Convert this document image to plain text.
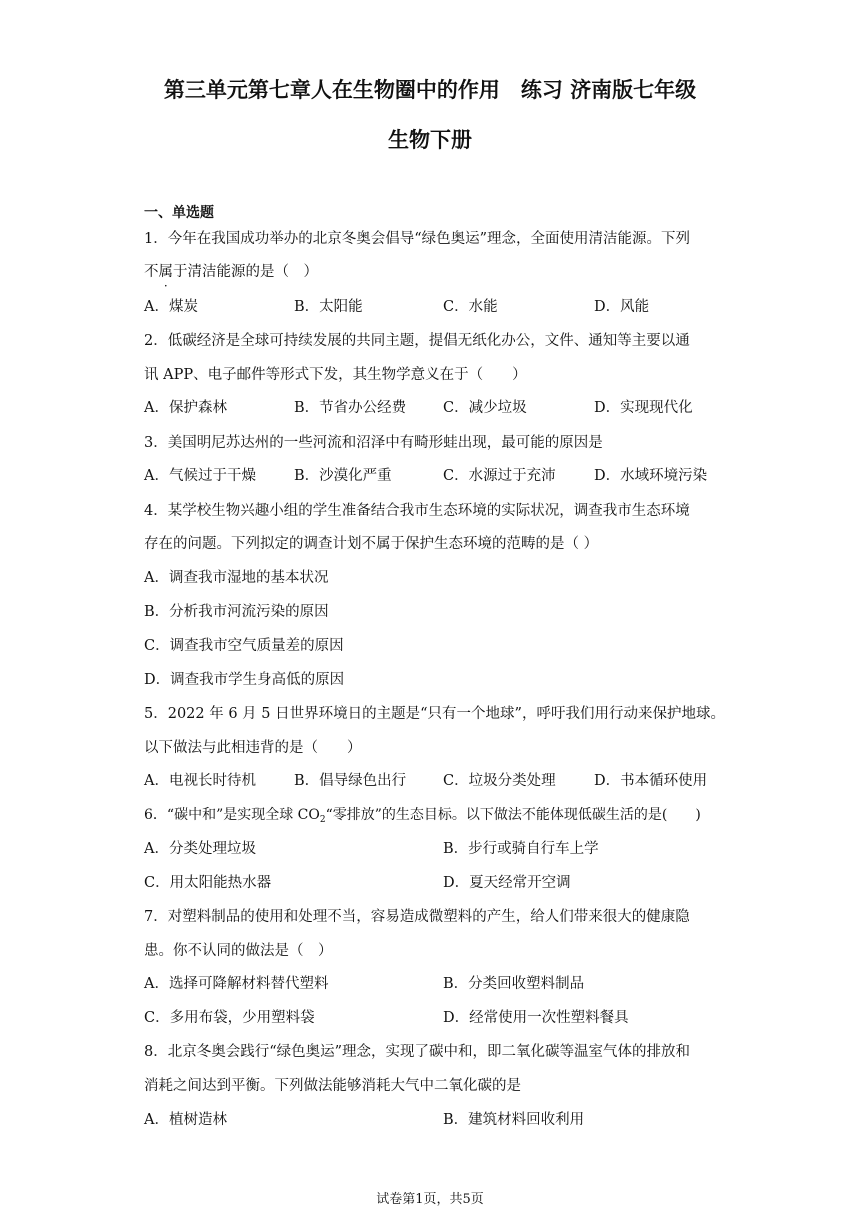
第三单元第七章人在生物圈中的作用　练习 济南版七年级
生物下册
一、单选题
1．今年在我国成功举办的北京冬奥会倡导“绿色奥运”理念，全面使用清洁能源。下列
不属于清洁能源的是（　）
A．煤炭	B．太阳能	C．水能	D．风能
2．低碳经济是全球可持续发展的共同主题，提倡无纸化办公，文件、通知等主要以通
讯 APP、电子邮件等形式下发，其生物学意义在于（　　）
A．保护森林	B．节省办公经费	C．减少垃圾	D．实现现代化
3．美国明尼苏达州的一些河流和沼泽中有畸形蛙出现，最可能的原因是
A．气候过于干燥	B．沙漠化严重	C．水源过于充沛	D．水域环境污染
4．某学校生物兴趣小组的学生准备结合我市生态环境的实际状况，调查我市生态环境
存在的问题。下列拟定的调查计划不属于保护生态环境的范畴的是（ ）
A．调查我市湿地的基本状况
B．分析我市河流污染的原因
C．调查我市空气质量差的原因
D．调查我市学生身高低的原因
5．2022 年 6 月 5 日世界环境日的主题是“只有一个地球”，呼吁我们用行动来保护地球。
以下做法与此相违背的是（　　）
A．电视长时待机	B．倡导绿色出行	C．垃圾分类处理	D．书本循环使用
6．“碳中和”是实现全球 $CO_2“$零排放”的生态目标。以下做法不能体现低碳生活的是(　　)
A．分类处理垃圾	B．步行或骑自行车上学
C．用太阳能热水器	D．夏天经常开空调
7．对塑料制品的使用和处理不当，容易造成微塑料的产生，给人们带来很大的健康隐
患。你不认同的做法是（　）
A．选择可降解材料替代塑料	B．分类回收塑料制品
C．多用布袋，少用塑料袋	D．经常使用一次性塑料餐具
8．北京冬奥会践行“绿色奥运”理念，实现了碳中和，即二氧化碳等温室气体的排放和
消耗之间达到平衡。下列做法能够消耗大气中二氧化碳的是
A．植树造林	B．建筑材料回收利用
试卷第1页，共5页
